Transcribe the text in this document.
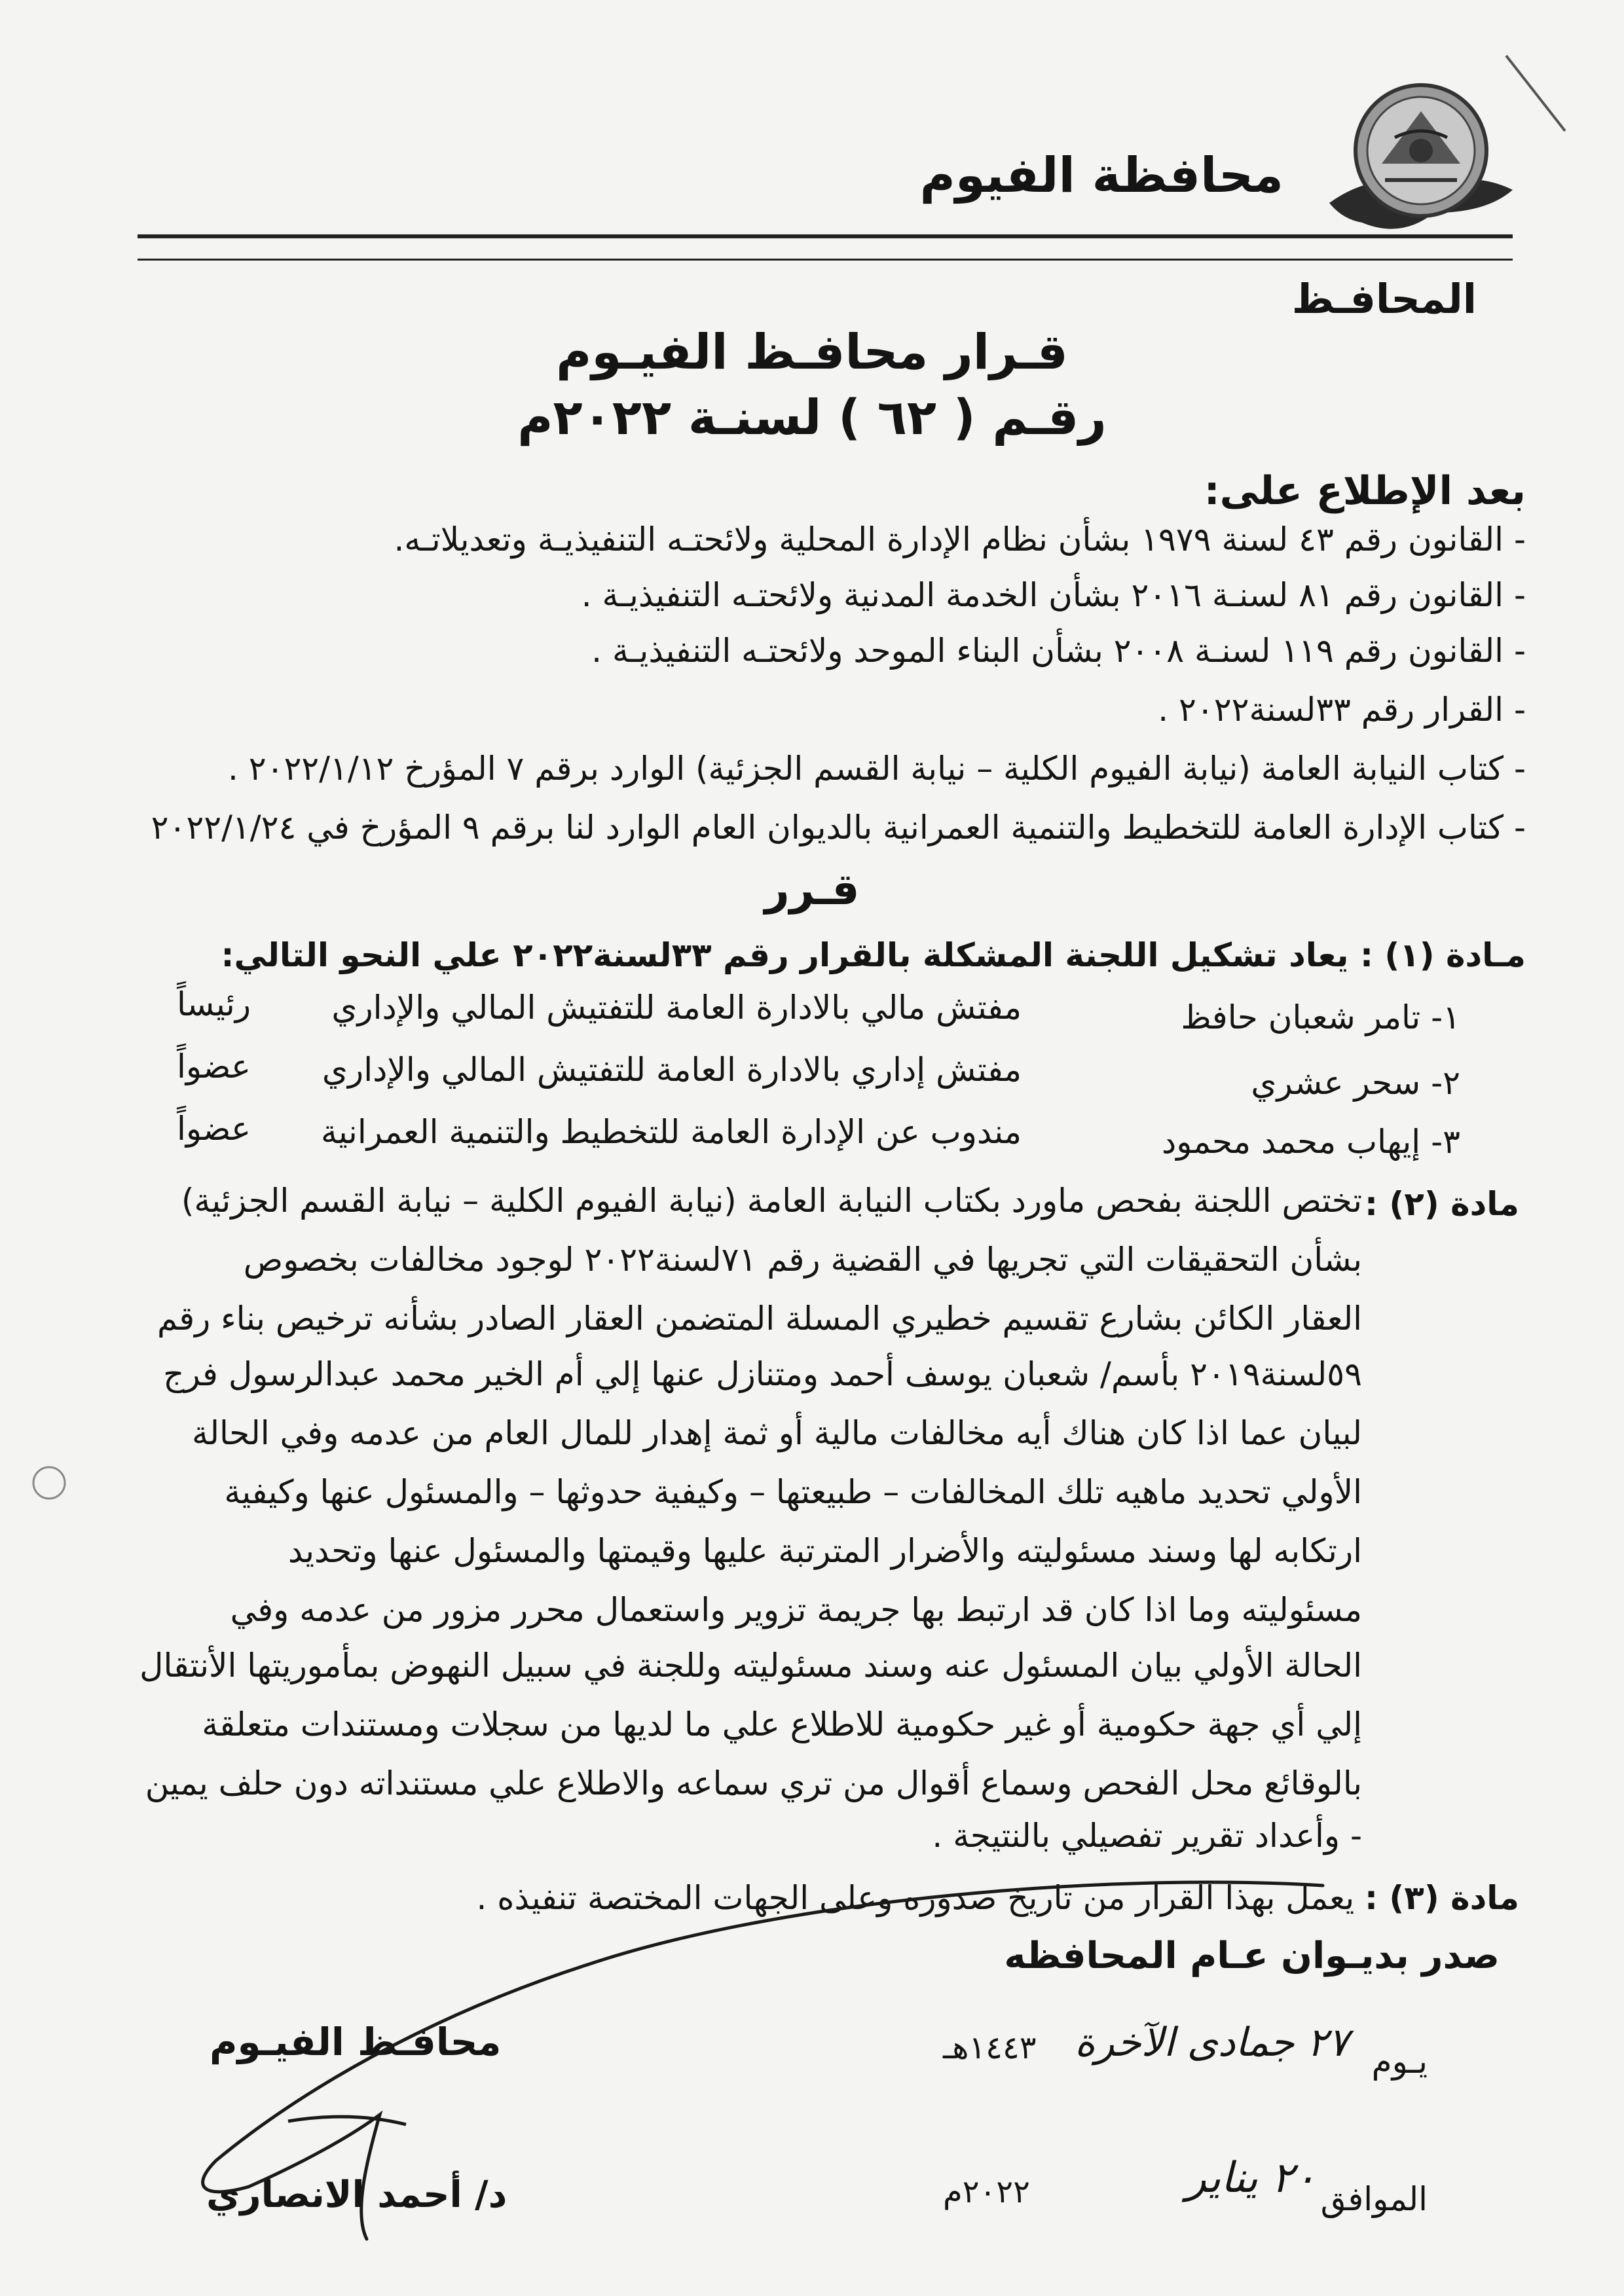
محافظة الفيوم
المحافـظ
قـرار محافـظ الفيـوم
رقـم ( ٦٢ ) لسنـة ٢٠٢٢م
بعد الإطلاع على:
- القانون رقم ٤٣ لسنة ١٩٧٩ بشأن نظام الإدارة المحلية ولائحتـه التنفيذيـة وتعديلاتـه.
- القانون رقم ٨١ لسنـة ٢٠١٦ بشأن الخدمة المدنية ولائحتـه التنفيذيـة .
- القانون رقم ١١٩ لسنـة ٢٠٠٨ بشأن البناء الموحد ولائحتـه التنفيذيـة .
- القرار رقم ٣٣لسنة٢٠٢٢ .
- كتاب النيابة العامة (نيابة الفيوم الكلية – نيابة القسم الجزئية) الوارد برقم ٧ المؤرخ ٢٠٢٢/١/١٢ .
- كتاب الإدارة العامة للتخطيط والتنمية العمرانية بالديوان العام الوارد لنا برقم ٩ المؤرخ في ٢٠٢٢/١/٢٤
قـرر
مـادة (١) : يعاد تشكيل اللجنة المشكلة بالقرار رقم ٣٣لسنة٢٠٢٢ علي النحو التالي:
١- تامر شعبان حافظ
مفتش مالي بالادارة العامة للتفتيش المالي والإداري
رئيساً
٢- سحر عشري
مفتش إداري بالادارة العامة للتفتيش المالي والإداري
عضواً
٣- إيهاب محمد محمود
مندوب عن الإدارة العامة للتخطيط والتنمية العمرانية
عضواً
مادة (٢) :
تختص اللجنة بفحص ماورد بكتاب النيابة العامة (نيابة الفيوم الكلية – نيابة القسم الجزئية)
بشأن التحقيقات التي تجريها في القضية رقم ٧١لسنة٢٠٢٢ لوجود مخالفات بخصوص
العقار الكائن بشارع تقسيم خطيري المسلة المتضمن العقار الصادر بشأنه ترخيص بناء رقم
٥٩لسنة٢٠١٩ بأسم/ شعبان يوسف أحمد ومتنازل عنها إلي أم الخير محمد عبدالرسول فرج
لبيان عما اذا كان هناك أيه مخالفات مالية أو ثمة إهدار للمال العام من عدمه وفي الحالة
الأولي تحديد ماهيه تلك المخالفات – طبيعتها – وكيفية حدوثها – والمسئول عنها وكيفية
ارتكابه لها وسند مسئوليته والأضرار المترتبة عليها وقيمتها والمسئول عنها وتحديد
مسئوليته وما اذا كان قد ارتبط بها جريمة تزوير واستعمال محرر مزور من عدمه وفي
الحالة الأولي بيان المسئول عنه وسند مسئوليته وللجنة في سبيل النهوض بمأموريتها الأنتقال
إلي أي جهة حكومية أو غير حكومية للاطلاع علي ما لديها من سجلات ومستندات متعلقة
بالوقائع محل الفحص وسماع أقوال من تري سماعه والاطلاع علي مستنداته دون حلف يمين
- وأعداد تقرير تفصيلي بالنتيجة .
مادة (٣) : يعمل بهذا القرار من تاريخ صدوره وعلى الجهات المختصة تنفيذه .
صدر بديـوان عـام المحافظه
محافـظ الفيـوم	يـوم
٢٧ جمادى الآخرة
١٤٤٣هـ
الموافق
٢٠ يناير
٢٠٢٢م
د/ أحمد الانصاري
